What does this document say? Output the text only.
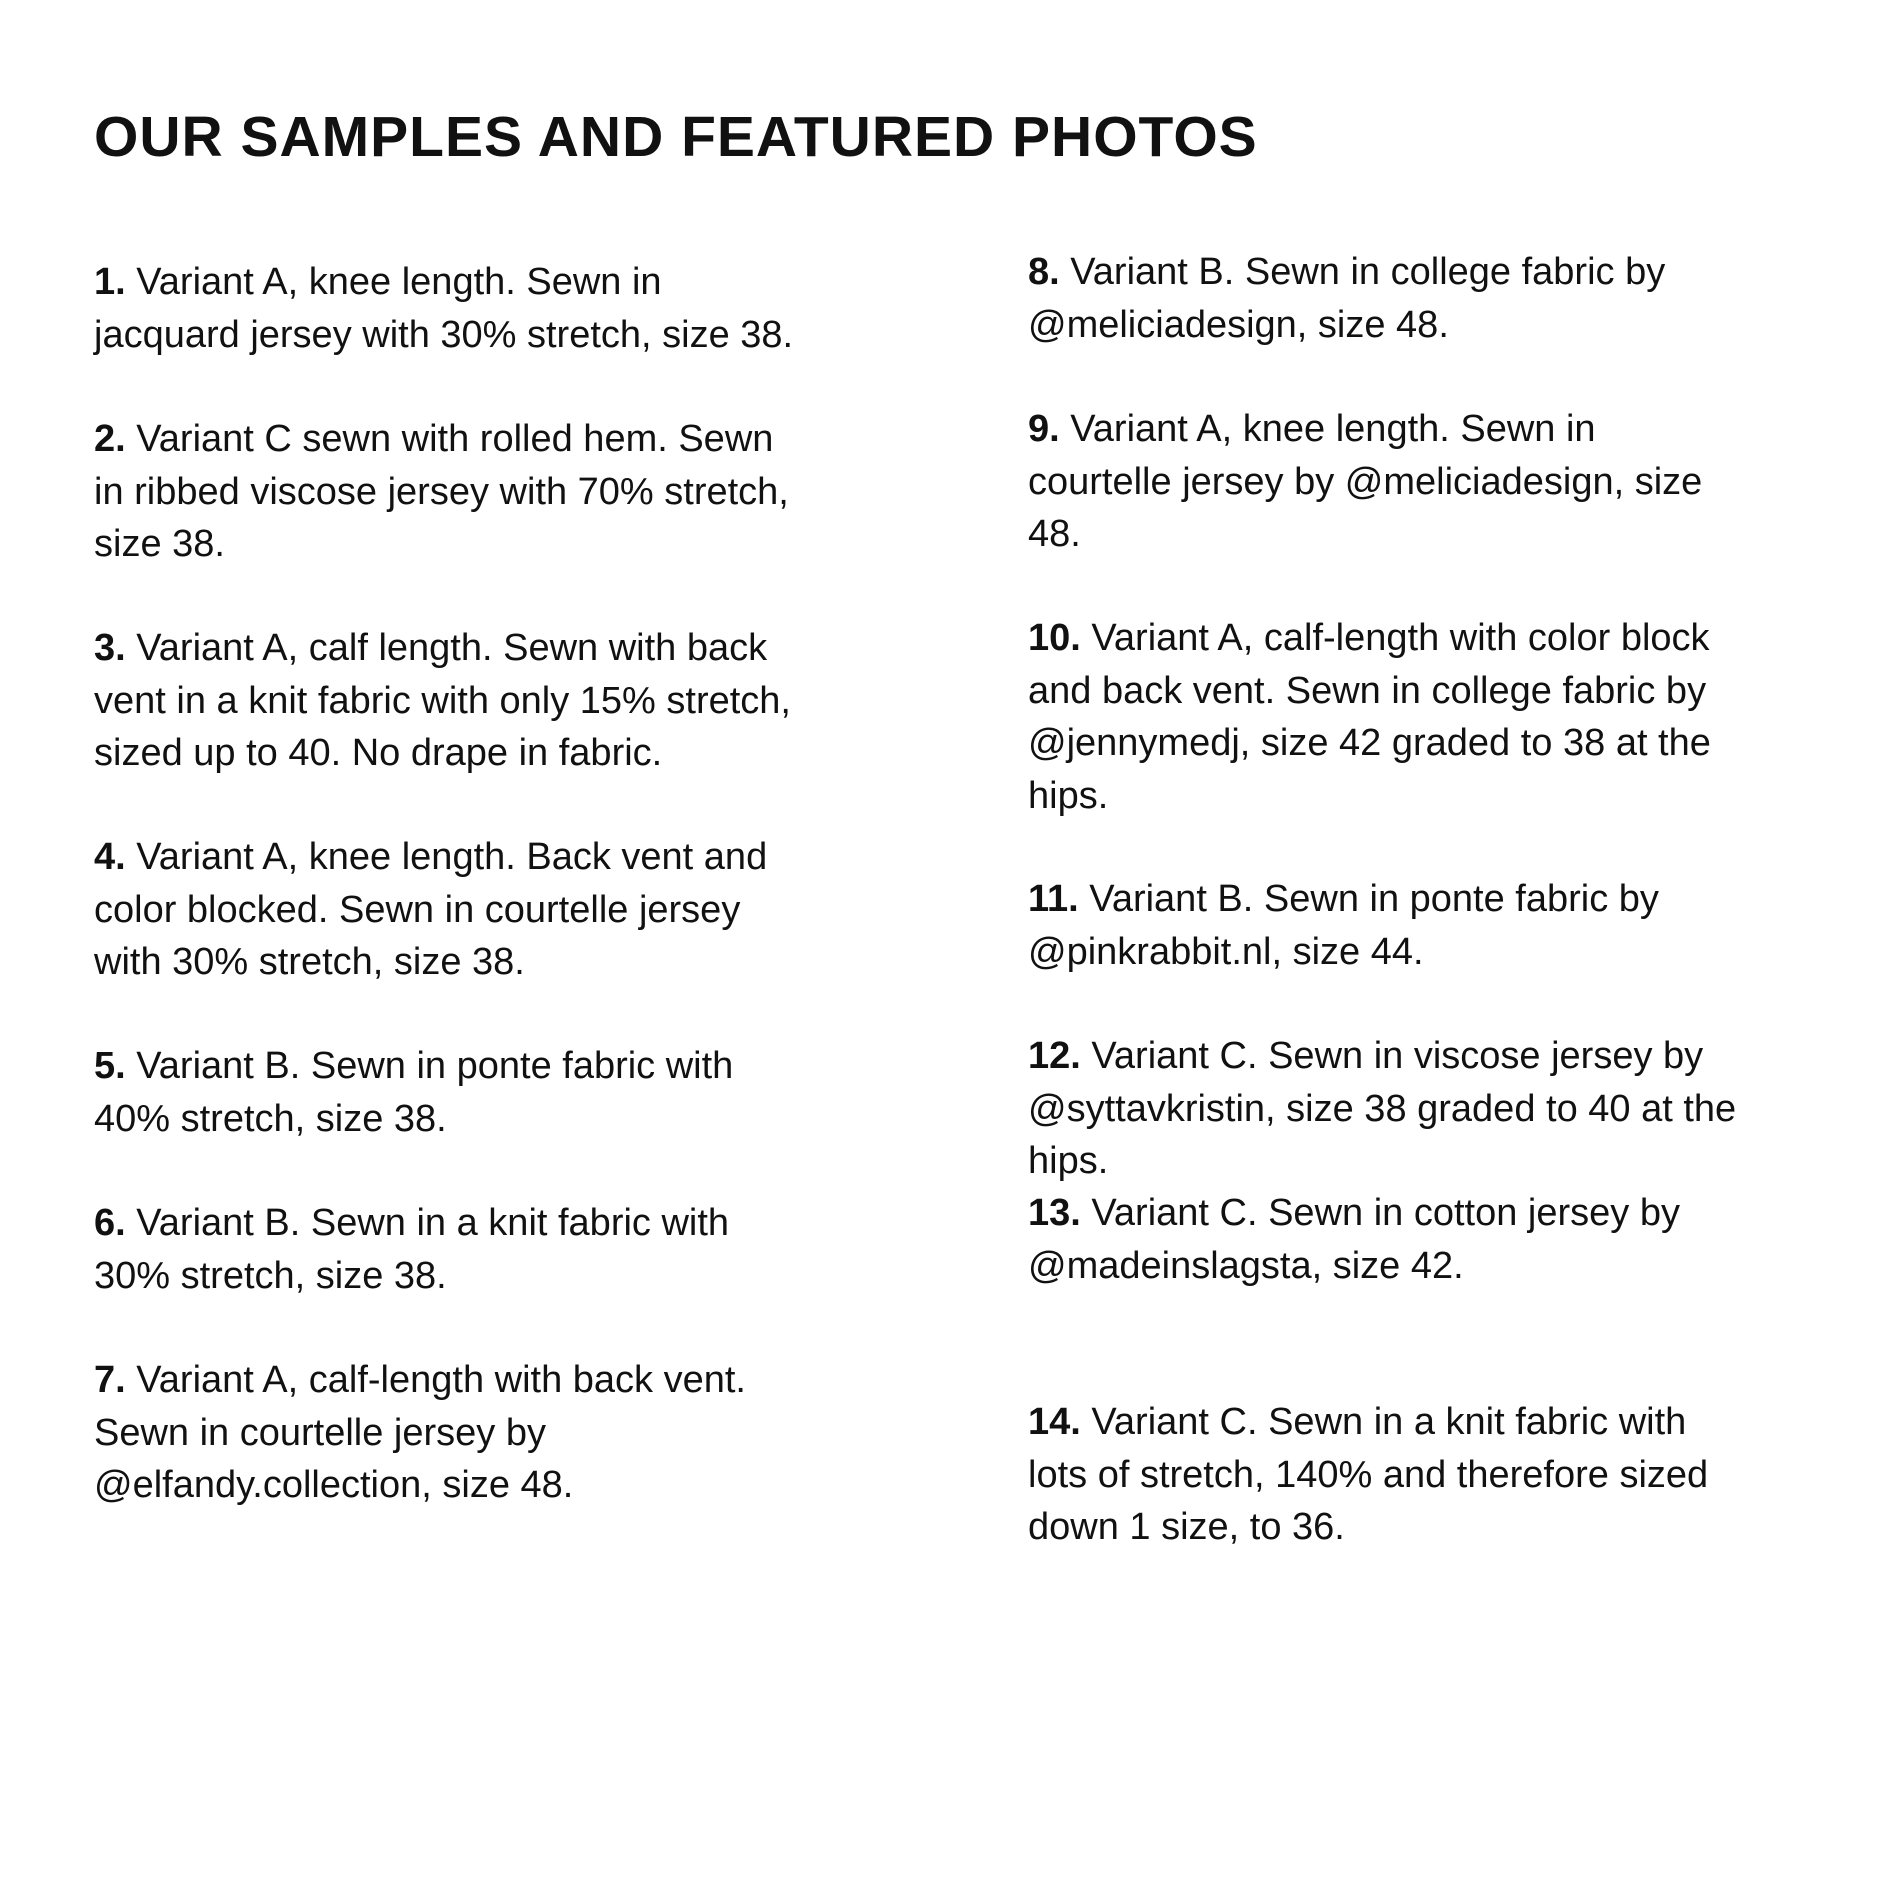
OUR SAMPLES AND FEATURED PHOTOS

1. Variant A, knee length. Sewn in
jacquard jersey with 30% stretch, size 38.

2. Variant C sewn with rolled hem. Sewn
in ribbed viscose jersey with 70% stretch,
size 38.

3. Variant A, calf length. Sewn with back
vent in a knit fabric with only 15% stretch,
sized up to 40. No drape in fabric.

4. Variant A, knee length. Back vent and
color blocked. Sewn in courtelle jersey
with 30% stretch, size 38.

5. Variant B. Sewn in ponte fabric with
40% stretch, size 38.

6. Variant B. Sewn in a knit fabric with
30% stretch, size 38.

7. Variant A, calf-length with back vent.
Sewn in courtelle jersey by
@elfandy.collection, size 48.

8. Variant B. Sewn in college fabric by
@meliciadesign, size 48.

9. Variant A, knee length. Sewn in
courtelle jersey by @meliciadesign, size
48.

10. Variant A, calf-length with color block
and back vent. Sewn in college fabric by
@jennymedj, size 42 graded to 38 at the
hips.

11. Variant B. Sewn in ponte fabric by
@pinkrabbit.nl, size 44.

12. Variant C. Sewn in viscose jersey by
@syttavkristin, size 38 graded to 40 at the
hips.

13. Variant C. Sewn in cotton jersey by
@madeinslagsta, size 42.

14. Variant C. Sewn in a knit fabric with
lots of stretch, 140% and therefore sized
down 1 size, to 36.
